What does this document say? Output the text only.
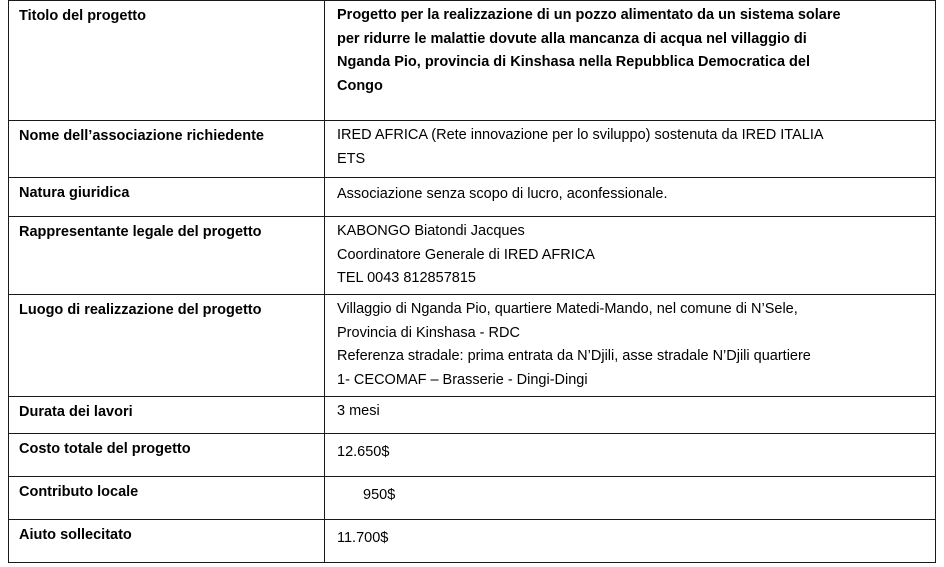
Titolo del progetto	Progetto per la realizzazione di un pozzo alimentato da un sistema solare
per ridurre le malattie dovute alla mancanza di acqua nel villaggio di
Nganda Pio, provincia di Kinshasa nella Repubblica Democratica del
Congo

Nome dell’associazione richiedente	IRED AFRICA (Rete innovazione per lo sviluppo) sostenuta da IRED ITALIA
ETS

Natura giuridica	Associazione senza scopo di lucro, aconfessionale.

Rappresentante legale del progetto	KABONGO Biatondi Jacques
Coordinatore Generale di IRED AFRICA
TEL 0043 812857815

Luogo di realizzazione del progetto	Villaggio di Nganda Pio, quartiere Matedi-Mando, nel comune di N’Sele,
Provincia di Kinshasa - RDC
Referenza stradale: prima entrata da N’Djili, asse stradale N’Djili quartiere
1- CECOMAF – Brasserie - Dingi-Dingi

Durata dei lavori	3 mesi

Costo totale del progetto	12.650$

Contributo locale	950$
Aiuto sollecitato	11.700$
